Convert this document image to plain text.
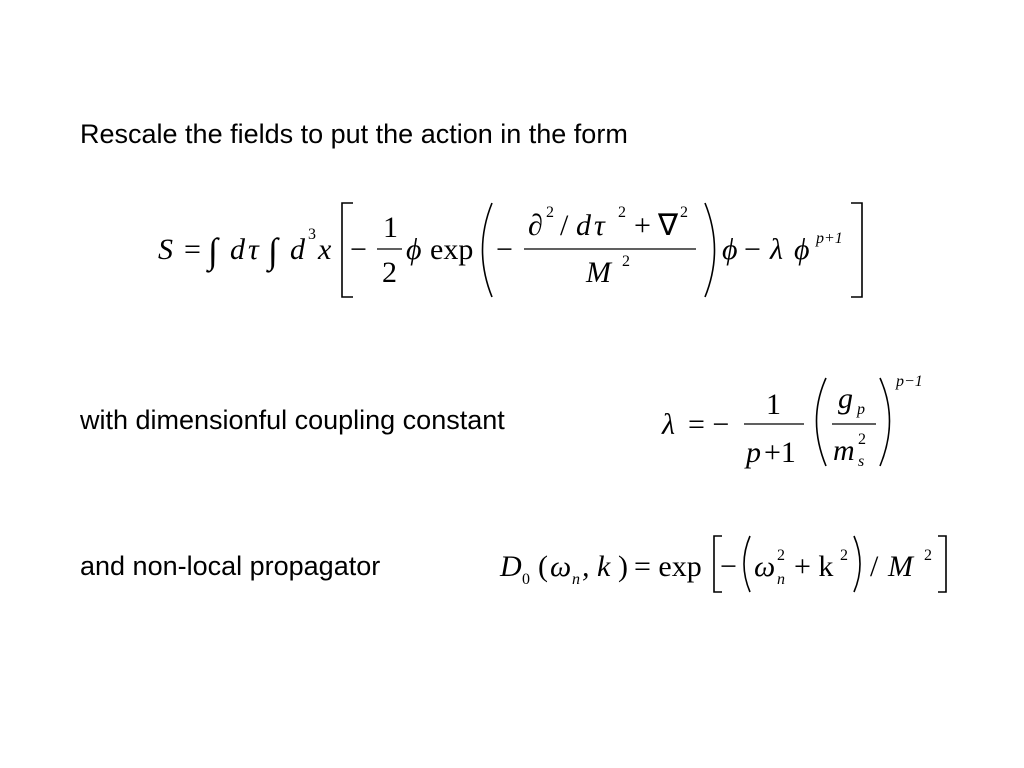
Rescale the fields to put the action in the form

S = ∫ d τ ∫ d 3 x −
1
2
ϕ exp −
∂ 2 / d τ 2 + ∇ 2
M 2	ϕ − λ ϕ p+1

with dimensionful coupling constant	λ = −
1
p +1
g p
m 2
s
p−1

and non-local propagator	D 0 ( ω n , k ) = exp − ω 2
n + k 2 / M 2
